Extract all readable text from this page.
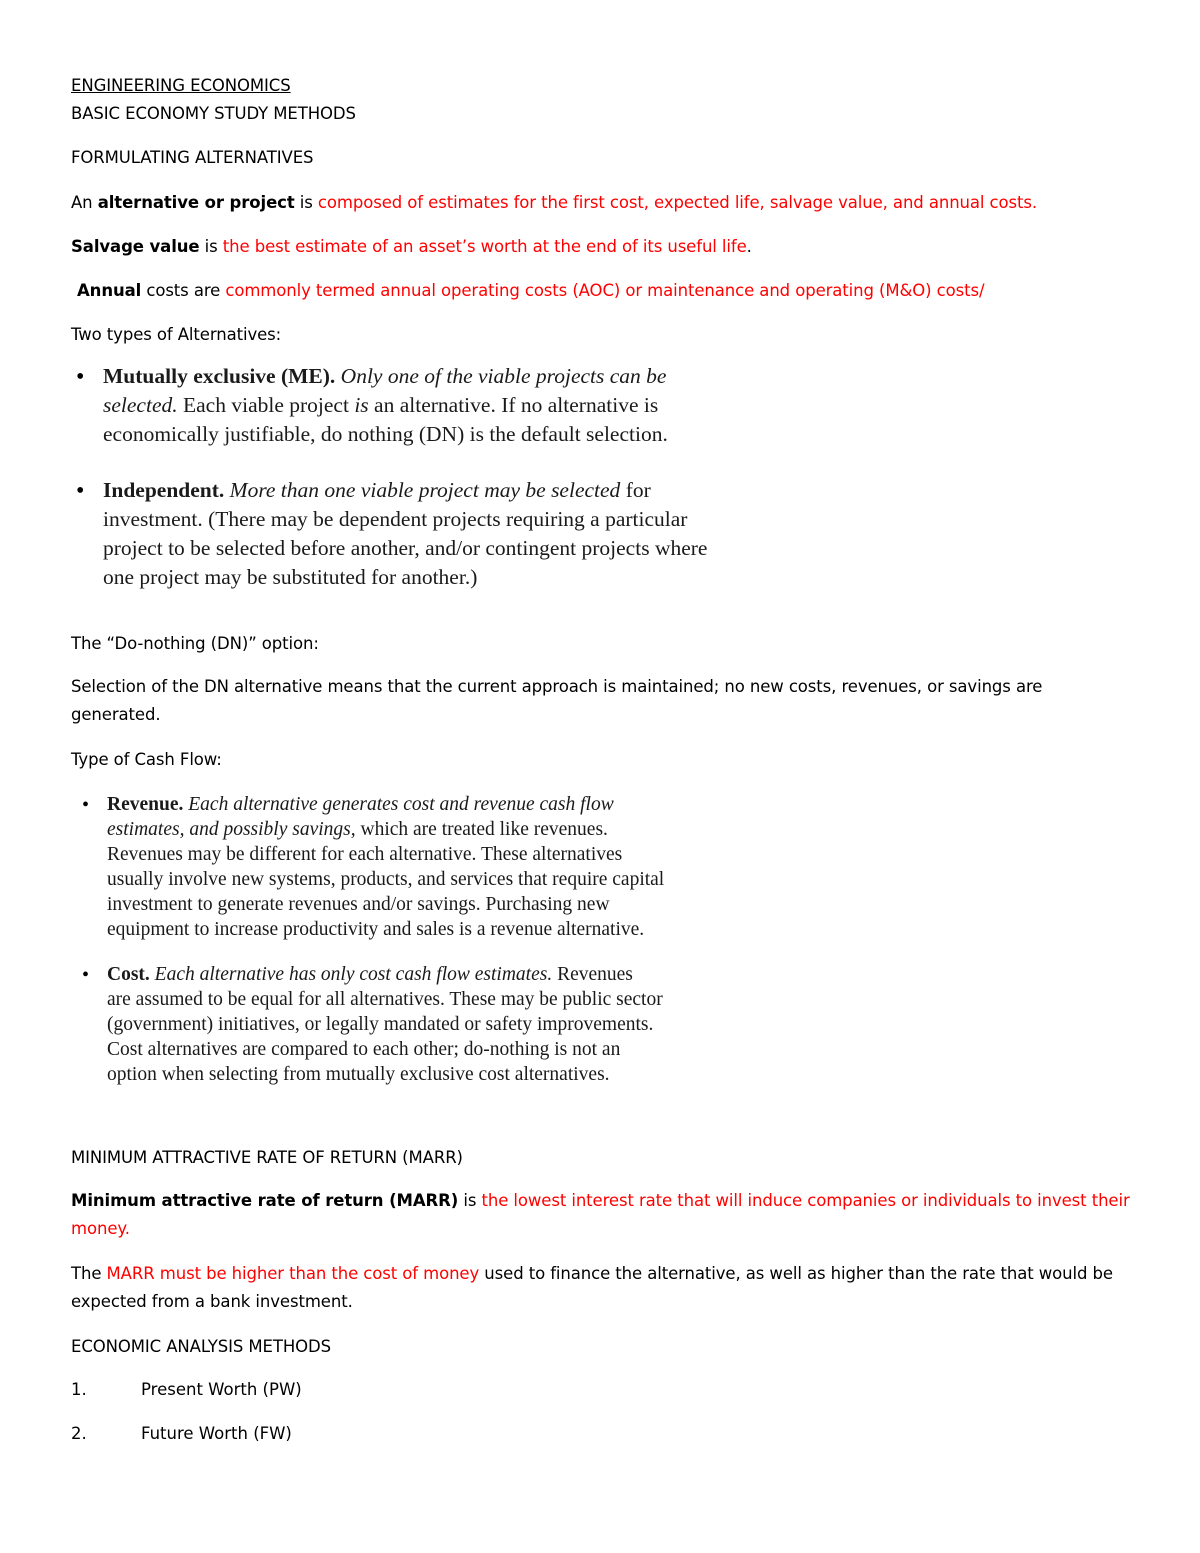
ENGINEERING ECONOMICS
BASIC ECONOMY STUDY METHODS
FORMULATING ALTERNATIVES
An alternative or project is composed of estimates for the first cost, expected life, salvage value, and annual costs.
Salvage value is the best estimate of an asset’s worth at the end of its useful life.
Annual costs are commonly termed annual operating costs (AOC) or maintenance and operating (M&O) costs/
Two types of Alternatives:
• Mutually exclusive (ME). Only one of the viable projects can be
selected. Each viable project is an alternative. If no alternative is
economically justifiable, do nothing (DN) is the default selection.
• Independent. More than one viable project may be selected for
investment. (There may be dependent projects requiring a particular
project to be selected before another, and/or contingent projects where
one project may be substituted for another.)
The “Do-nothing (DN)” option:
Selection of the DN alternative means that the current approach is maintained; no new costs, revenues, or savings are generated.
Type of Cash Flow:
• Revenue. Each alternative generates cost and revenue cash flow
estimates, and possibly savings, which are treated like revenues.
Revenues may be different for each alternative. These alternatives
usually involve new systems, products, and services that require capital
investment to generate revenues and/or savings. Purchasing new
equipment to increase productivity and sales is a revenue alternative.
• Cost. Each alternative has only cost cash flow estimates. Revenues
are assumed to be equal for all alternatives. These may be public sector
(government) initiatives, or legally mandated or safety improvements.
Cost alternatives are compared to each other; do-nothing is not an
option when selecting from mutually exclusive cost alternatives.
MINIMUM ATTRACTIVE RATE OF RETURN (MARR)
Minimum attractive rate of return (MARR) is the lowest interest rate that will induce companies or individuals to invest their money.
The MARR must be higher than the cost of money used to finance the alternative, as well as higher than the rate that would be expected from a bank investment.
ECONOMIC ANALYSIS METHODS
1.	Present Worth (PW)
2.	Future Worth (FW)
